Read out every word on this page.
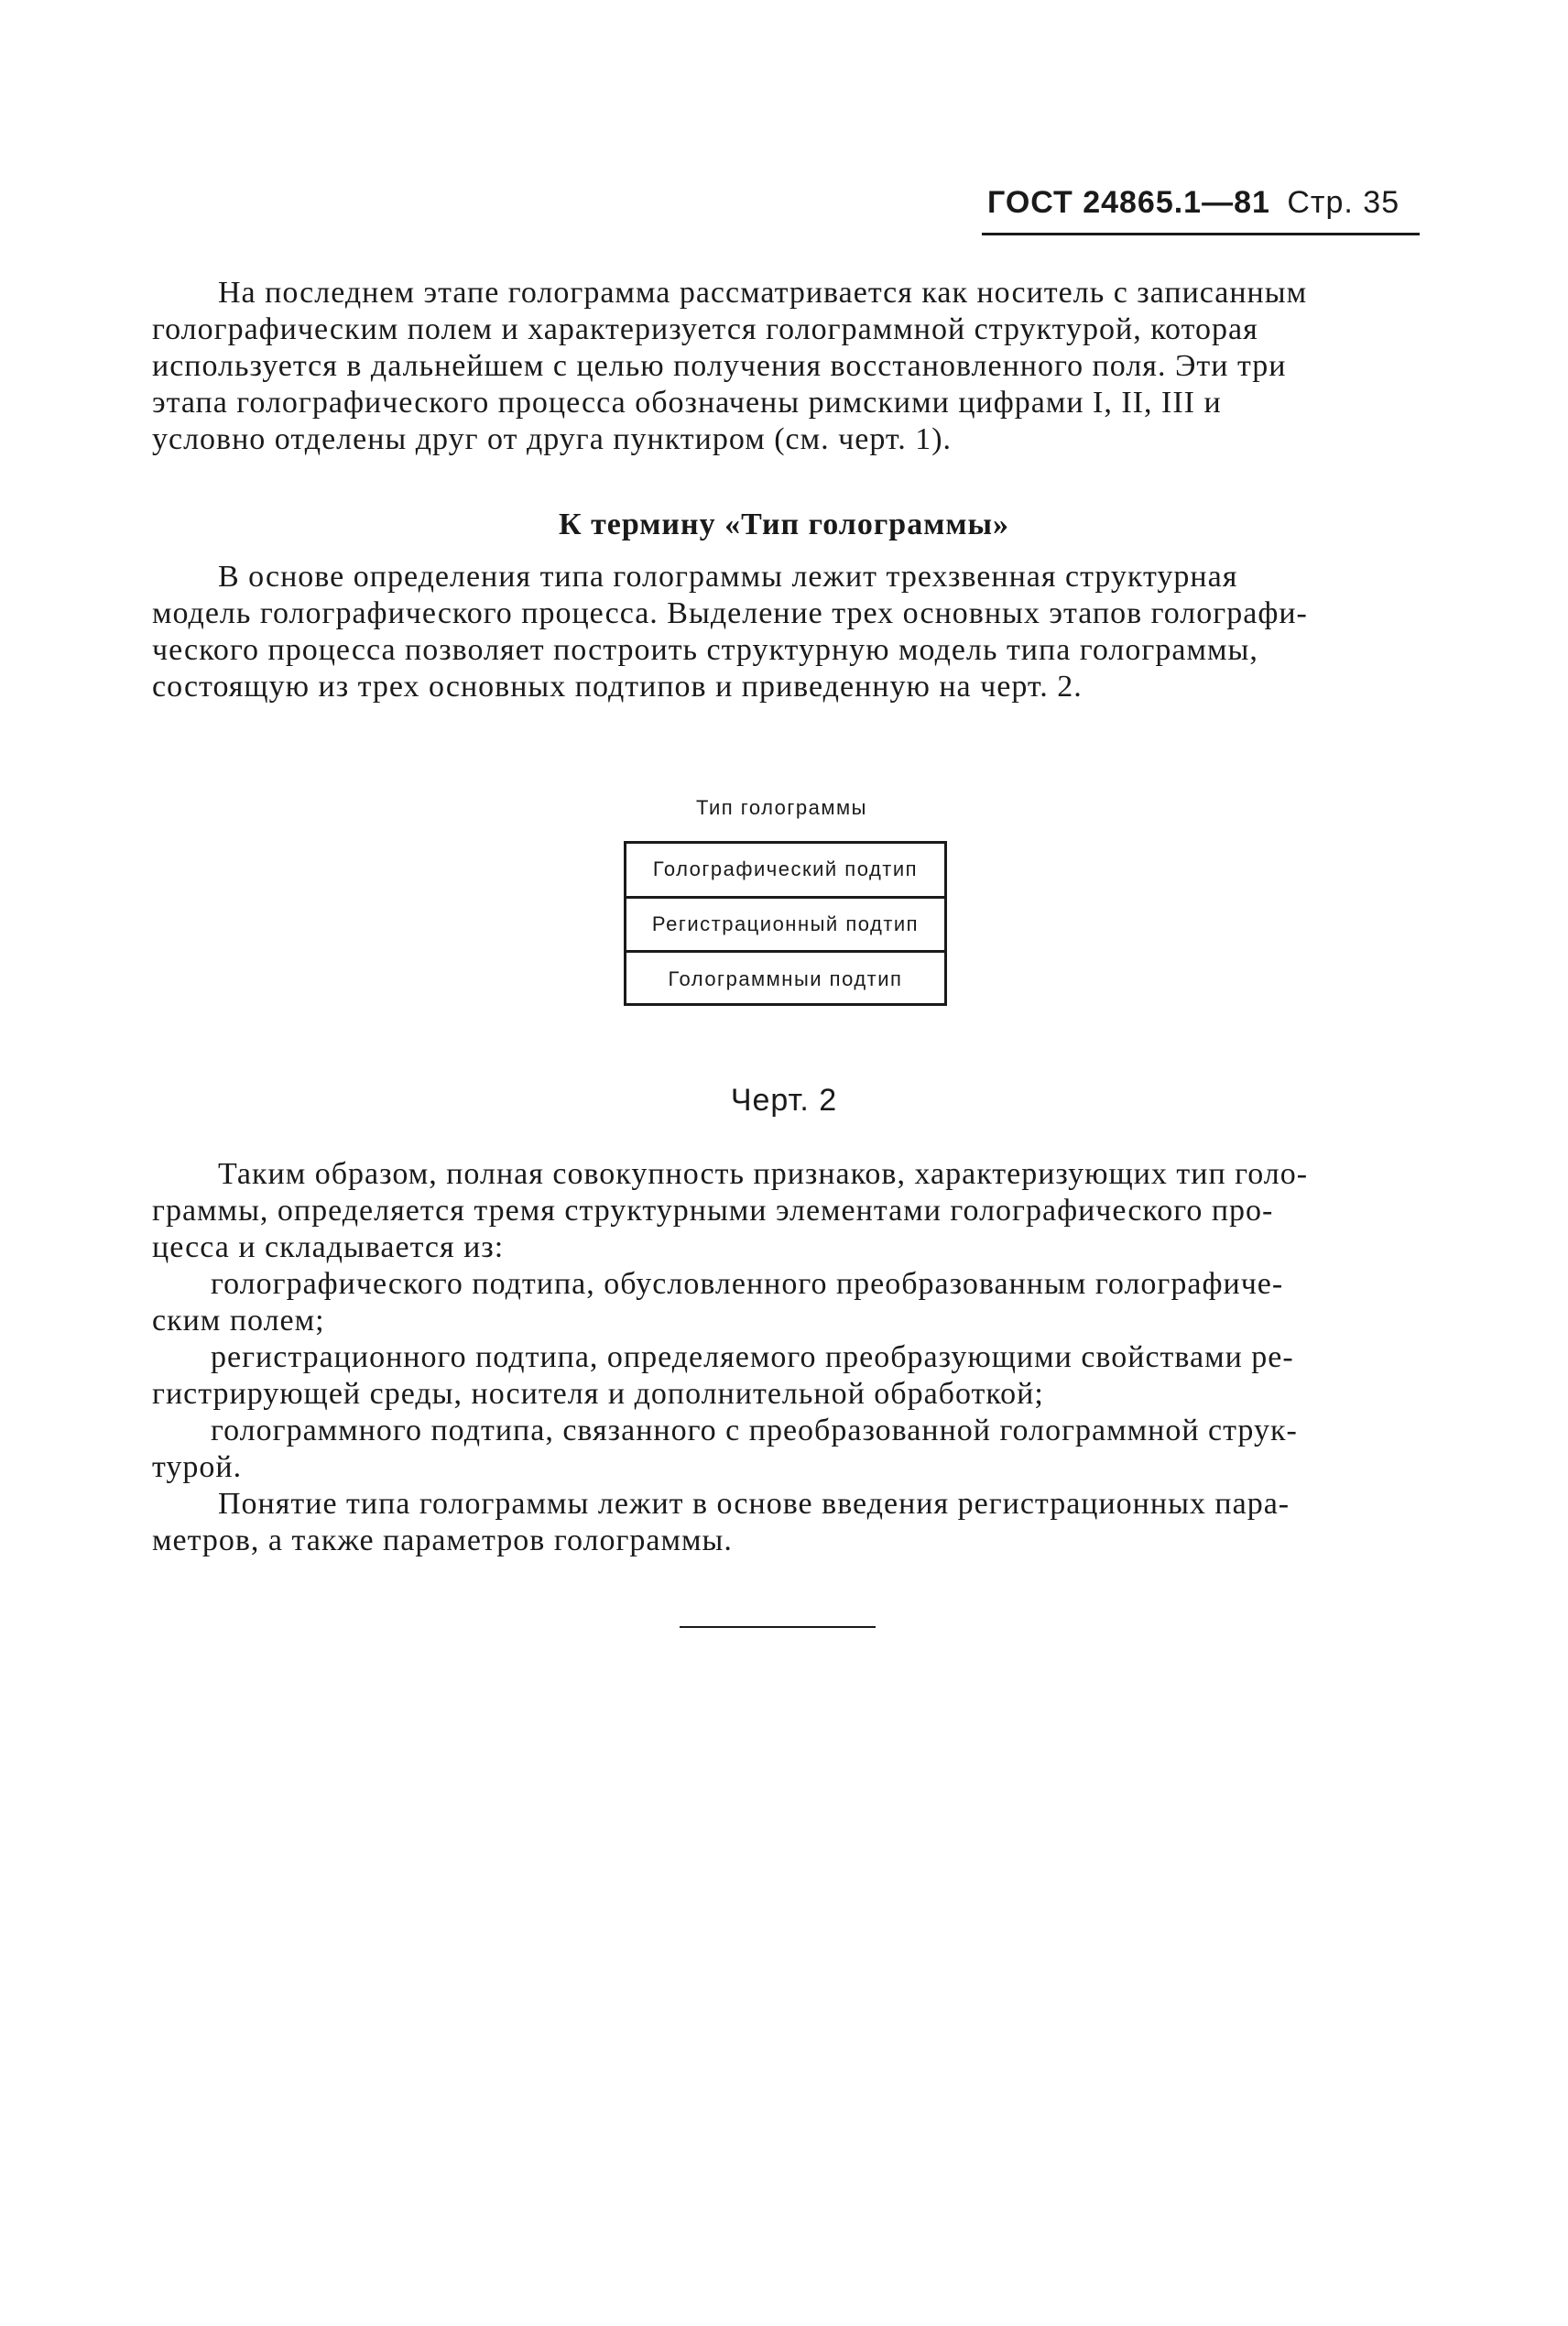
ГОСТ 24865.1—81 Стр. 35

На последнем этапе голограмма рассматривается как носитель с записанным

голографическим полем и характеризуется голограммной структурой, которая

используется в дальнейшем с целью получения восстановленного поля. Эти три

этапа голографического процесса обозначены римскими цифрами I, II, III и

условно отделены друг от друга пунктиром (см. черт. 1).

К термину «Тип голограммы»

В основе определения типа голограммы лежит трехзвенная структурная

модель голографического процесса. Выделение трех основных этапов голографи-

ческого процесса позволяет построить структурную модель типа голограммы,

состоящую из трех основных подтипов и приведенную на черт. 2.

Тип голограммы
Голографический подтип
Регистрационный подтип
Голограммныи подтип
Черт. 2

Таким образом, полная совокупность признаков, характеризующих тип голо-

граммы, определяется тремя структурными элементами голографического про-

цесса и складывается из:

голографического подтипа, обусловленного преобразованным голографиче-

ским полем;

регистрационного подтипа, определяемого преобразующими свойствами ре-

гистрирующей среды, носителя и дополнительной обработкой;

голограммного подтипа, связанного с преобразованной голограммной струк-

турой.

Понятие типа голограммы лежит в основе введения регистрационных пара-

метров, а также параметров голограммы.
